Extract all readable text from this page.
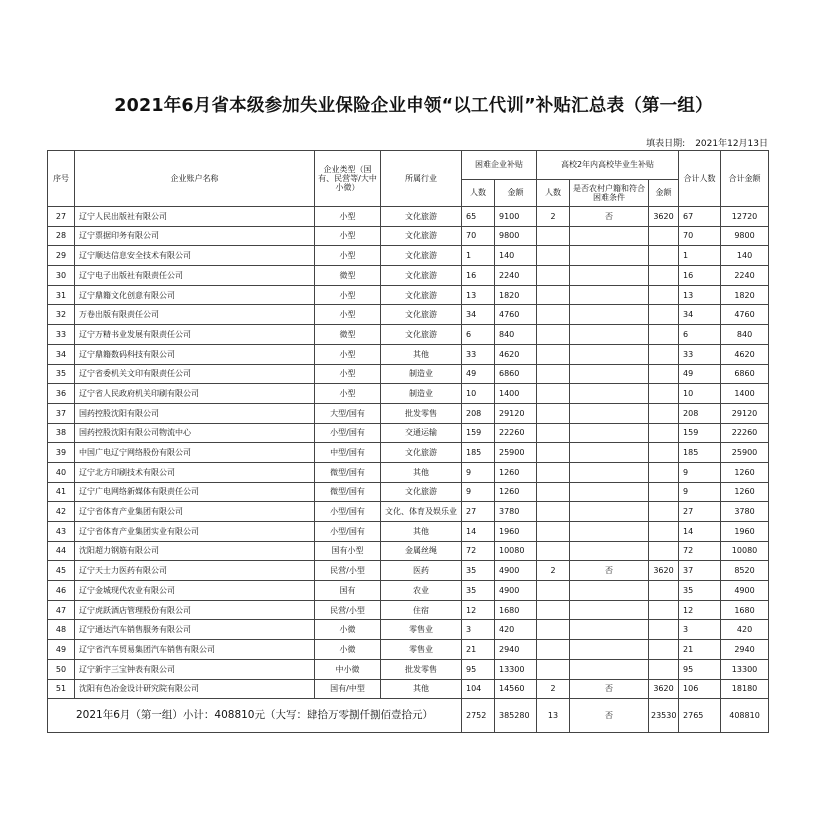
2021年6月省本级参加失业保险企业申领“以工代训”补贴汇总表（第一组）
填表日期: 2021年12月13日
序号	企业账户名称	企业类型（国有、民营等/大中小微）	所属行业	困难企业补贴		高校2年内高校毕业生补贴			合计人数	合计金额
				人数	金额	人数	是否农村户籍和符合困难条件	金额		
27	辽宁人民出版社有限公司	小型	文化旅游	65	9100	2	否	3620	67	12720
28	辽宁票据印务有限公司	小型	文化旅游	70	9800				70	9800
29	辽宁顺达信息安全技术有限公司	小型	文化旅游	1	140				1	140
30	辽宁电子出版社有限责任公司	微型	文化旅游	16	2240				16	2240
31	辽宁鼎籍文化创意有限公司	小型	文化旅游	13	1820				13	1820
32	万卷出版有限责任公司	小型	文化旅游	34	4760				34	4760
33	辽宁万精书业发展有限责任公司	微型	文化旅游	6	840				6	840
34	辽宁鼎籍数码科技有限公司	小型	其他	33	4620				33	4620
35	辽宁省委机关文印有限责任公司	小型	制造业	49	6860				49	6860
36	辽宁省人民政府机关印刷有限公司	小型	制造业	10	1400				10	1400
37	国药控股沈阳有限公司	大型/国有	批发零售	208	29120				208	29120
38	国药控股沈阳有限公司物流中心	小型/国有	交通运输	159	22260				159	22260
39	中国广电辽宁网络股份有限公司	中型/国有	文化旅游	185	25900				185	25900
40	辽宁北方印刷技术有限公司	微型/国有	其他	9	1260				9	1260
41	辽宁广电网络新媒体有限责任公司	微型/国有	文化旅游	9	1260				9	1260
42	辽宁省体育产业集团有限公司	小型/国有	文化、体育及娱乐业	27	3780				27	3780
43	辽宁省体育产业集团实业有限公司	小型/国有	其他	14	1960				14	1960
44	沈阳超力钢筋有限公司	国有小型	金属丝绳	72	10080				72	10080
45	辽宁天士力医药有限公司	民营/小型	医药	35	4900	2	否	3620	37	8520
46	辽宁金城现代农业有限公司	国有	农业	35	4900				35	4900
47	辽宁虎跃酒店管理股份有限公司	民营/小型	住宿	12	1680				12	1680
48	辽宁通达汽车销售服务有限公司	小微	零售业	3	420				3	420
49	辽宁省汽车贸易集团汽车销售有限公司	小微	零售业	21	2940				21	2940
50	辽宁新宇三宝钟表有限公司	中小微	批发零售	95	13300				95	13300
51	沈阳有色冶金设计研究院有限公司	国有/中型	其他	104	14560	2	否	3620	106	18180
2021年6月（第一组）小计：408810元（大写：肆拾万零捌仟捌佰壹拾元）				2752	385280	13	否	23530	2765	408810
